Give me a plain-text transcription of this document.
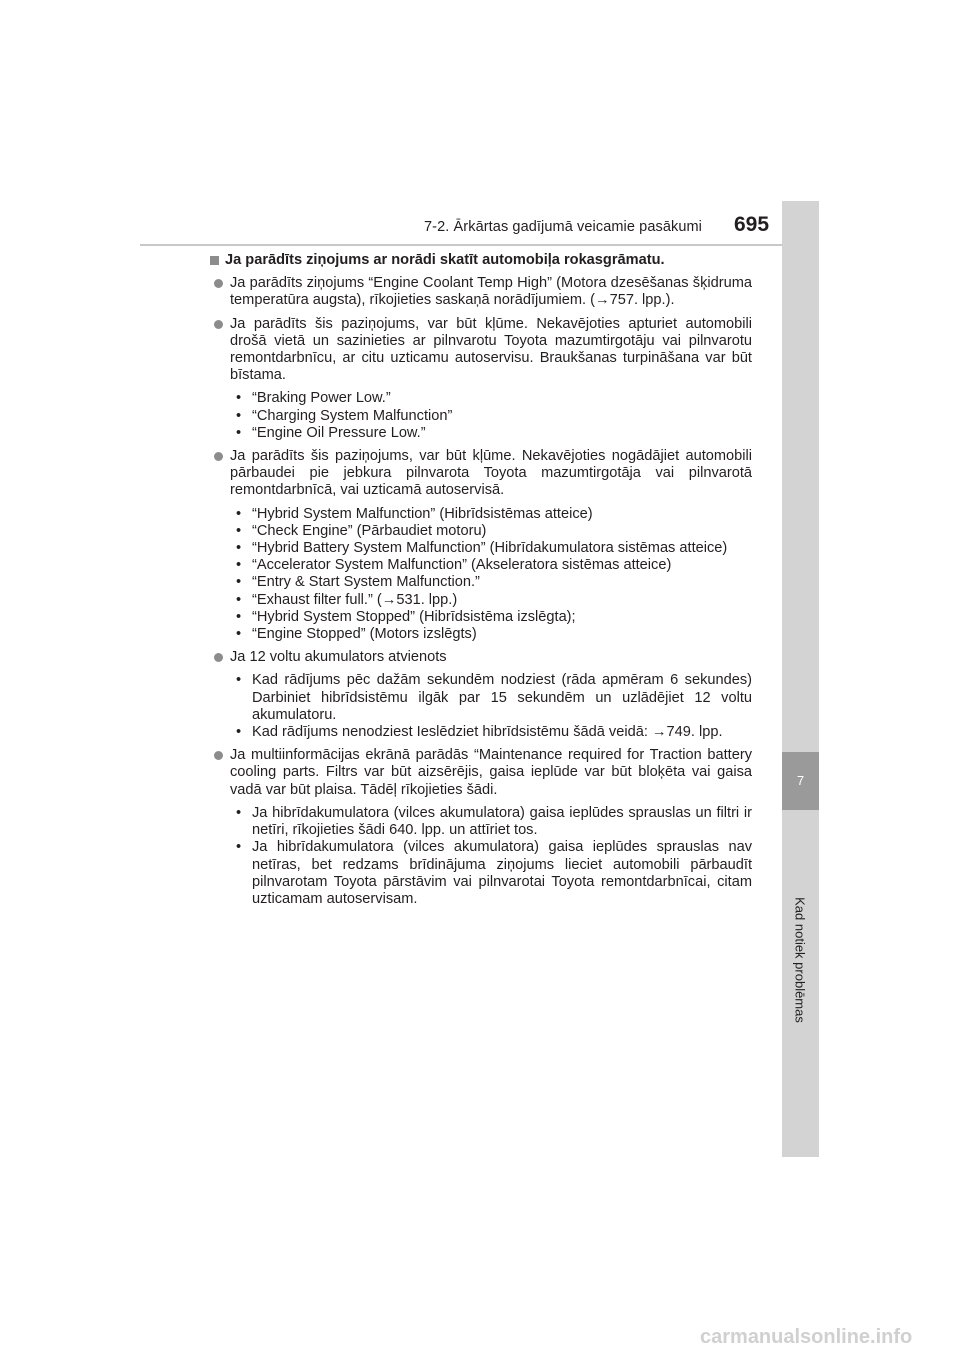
7-2. Ārkārtas gadījumā veicamie pasākumi 695
7
Kad notiek problēmas
Ja parādīts ziņojums ar norādi skatīt automobiļa rokasgrāmatu.
Ja parādīts ziņojums “Engine Coolant Temp High” (Motora dzesēšanas šķidruma temperatūra augsta), rīkojieties saskaņā norādījumiem. (→757. lpp.).
Ja parādīts šis paziņojums, var būt kļūme. Nekavējoties apturiet automobili drošā vietā un sazinieties ar pilnvarotu Toyota mazumtirgotāju vai pilnvarotu remontdarbnīcu, ar citu uzticamu autoservisu. Braukšanas turpināšana var būt bīstama.
• “Braking Power Low.”
• “Charging System Malfunction”
• “Engine Oil Pressure Low.”
Ja parādīts šis paziņojums, var būt kļūme. Nekavējoties nogādājiet automobili pārbaudei pie jebkura pilnvarota Toyota mazumtirgotāja vai pilnvarotā remontdarbnīcā, vai uzticamā autoservisā.
• “Hybrid System Malfunction” (Hibrīdsistēmas atteice)
• “Check Engine” (Pārbaudiet motoru)
• “Hybrid Battery System Malfunction” (Hibrīdakumulatora sistēmas atteice)
• “Accelerator System Malfunction” (Akseleratora sistēmas atteice)
• “Entry & Start System Malfunction.”
• “Exhaust filter full.” (→531. lpp.)
• “Hybrid System Stopped” (Hibrīdsistēma izslēgta);
• “Engine Stopped” (Motors izslēgts)
Ja 12 voltu akumulators atvienots
• Kad rādījums pēc dažām sekundēm nodziest (rāda apmēram 6 sekundes) Darbiniet hibrīdsistēmu ilgāk par 15 sekundēm un uzlādējiet 12 voltu akumulatoru.
• Kad rādījums nenodziest Ieslēdziet hibrīdsistēmu šādā veidā: →749. lpp.
Ja multiinformācijas ekrānā parādās “Maintenance required for Traction battery cooling parts. Filtrs var būt aizsērējis, gaisa ieplūde var būt bloķēta vai gaisa vadā var būt plaisa. Tādēļ rīkojieties šādi.
• Ja hibrīdakumulatora (vilces akumulatora) gaisa ieplūdes sprauslas un filtri ir netīri, rīkojieties šādi 640. lpp. un attīriet tos.
• Ja hibrīdakumulatora (vilces akumulatora) gaisa ieplūdes sprauslas nav netīras, bet redzams brīdinājuma ziņojums lieciet automobili pārbaudīt pilnvarotam Toyota pārstāvim vai pilnvarotai Toyota remontdarbnīcai, citam uzticamam autoservisam.
carmanualsonline.info
